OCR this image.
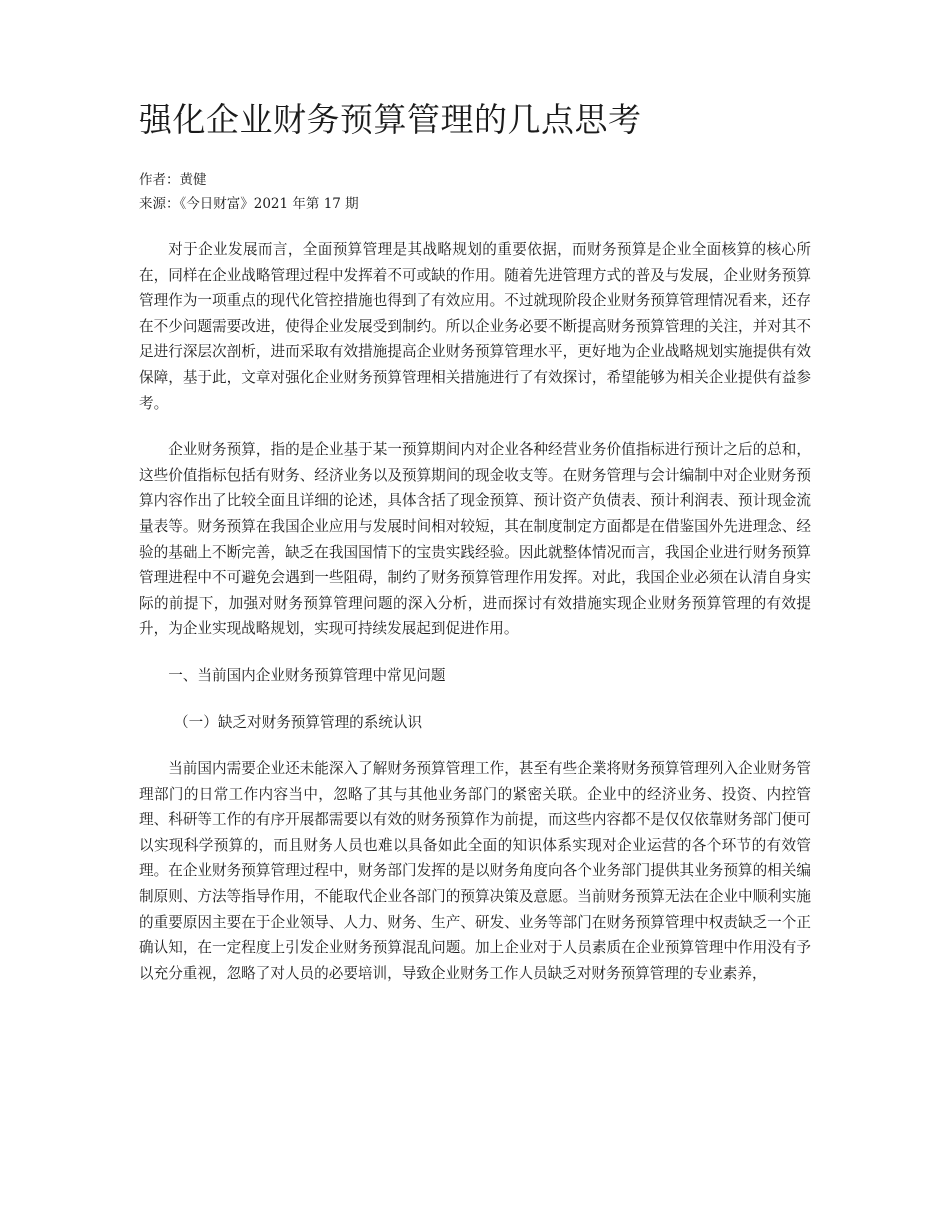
强化企业财务预算管理的几点思考
作者：黄健
来源：《今日财富》2021 年第 17 期

对于企业发展而言，全面预算管理是其战略规划的重要依据，而财务预算是企业全面核算的核心所在，同样在企业战略管理过程中发挥着不可或缺的作用。随着先进管理方式的普及与发展，企业财务预算管理作为一项重点的现代化管控措施也得到了有效应用。不过就现阶段企业财务预算管理情况看来，还存在不少问题需要改进，使得企业发展受到制约。所以企业务必要不断提高财务预算管理的关注，并对其不足进行深层次剖析，进而采取有效措施提高企业财务预算管理水平，更好地为企业战略规划实施提供有效保障，基于此，文章对强化企业财务预算管理相关措施进行了有效探讨，希望能够为相关企业提供有益参考。

企业财务预算，指的是企业基于某一预算期间内对企业各种经营业务价值指标进行预计之后的总和，这些价值指标包括有财务、经济业务以及预算期间的现金收支等。在财务管理与会计编制中对企业财务预算内容作出了比较全面且详细的论述，具体含括了现金预算、预计资产负债表、预计利润表、预计现金流量表等。财务预算在我国企业应用与发展时间相对较短，其在制度制定方面都是在借鉴国外先进理念、经验的基础上不断完善，缺乏在我国国情下的宝贵实践经验。因此就整体情况而言，我国企业进行财务预算管理进程中不可避免会遇到一些阻碍，制约了财务预算管理作用发挥。对此，我国企业必须在认清自身实际的前提下，加强对财务预算管理问题的深入分析，进而探讨有效措施实现企业财务预算管理的有效提升，为企业实现战略规划，实现可持续发展起到促进作用。

一、当前国内企业财务预算管理中常见问题

（一）缺乏对财务预算管理的系统认识

当前国内需要企业还未能深入了解财务预算管理工作，甚至有些企業将财务预算管理列入企业财务管理部门的日常工作内容当中，忽略了其与其他业务部门的紧密关联。企业中的经济业务、投资、内控管理、科研等工作的有序开展都需要以有效的财务预算作为前提，而这些内容都不是仅仅依靠财务部门便可以实现科学预算的，而且财务人员也难以具备如此全面的知识体系实现对企业运营的各个环节的有效管理。在企业财务预算管理过程中，财务部门发挥的是以财务角度向各个业务部门提供其业务预算的相关编制原则、方法等指导作用，不能取代企业各部门的预算决策及意愿。当前财务预算无法在企业中顺利实施的重要原因主要在于企业领导、人力、财务、生产、研发、业务等部门在财务预算管理中权责缺乏一个正确认知，在一定程度上引发企业财务预算混乱问题。加上企业对于人员素质在企业预算管理中作用没有予以充分重视，忽略了对人员的必要培训，导致企业财务工作人员缺乏对财务预算管理的专业素养，
